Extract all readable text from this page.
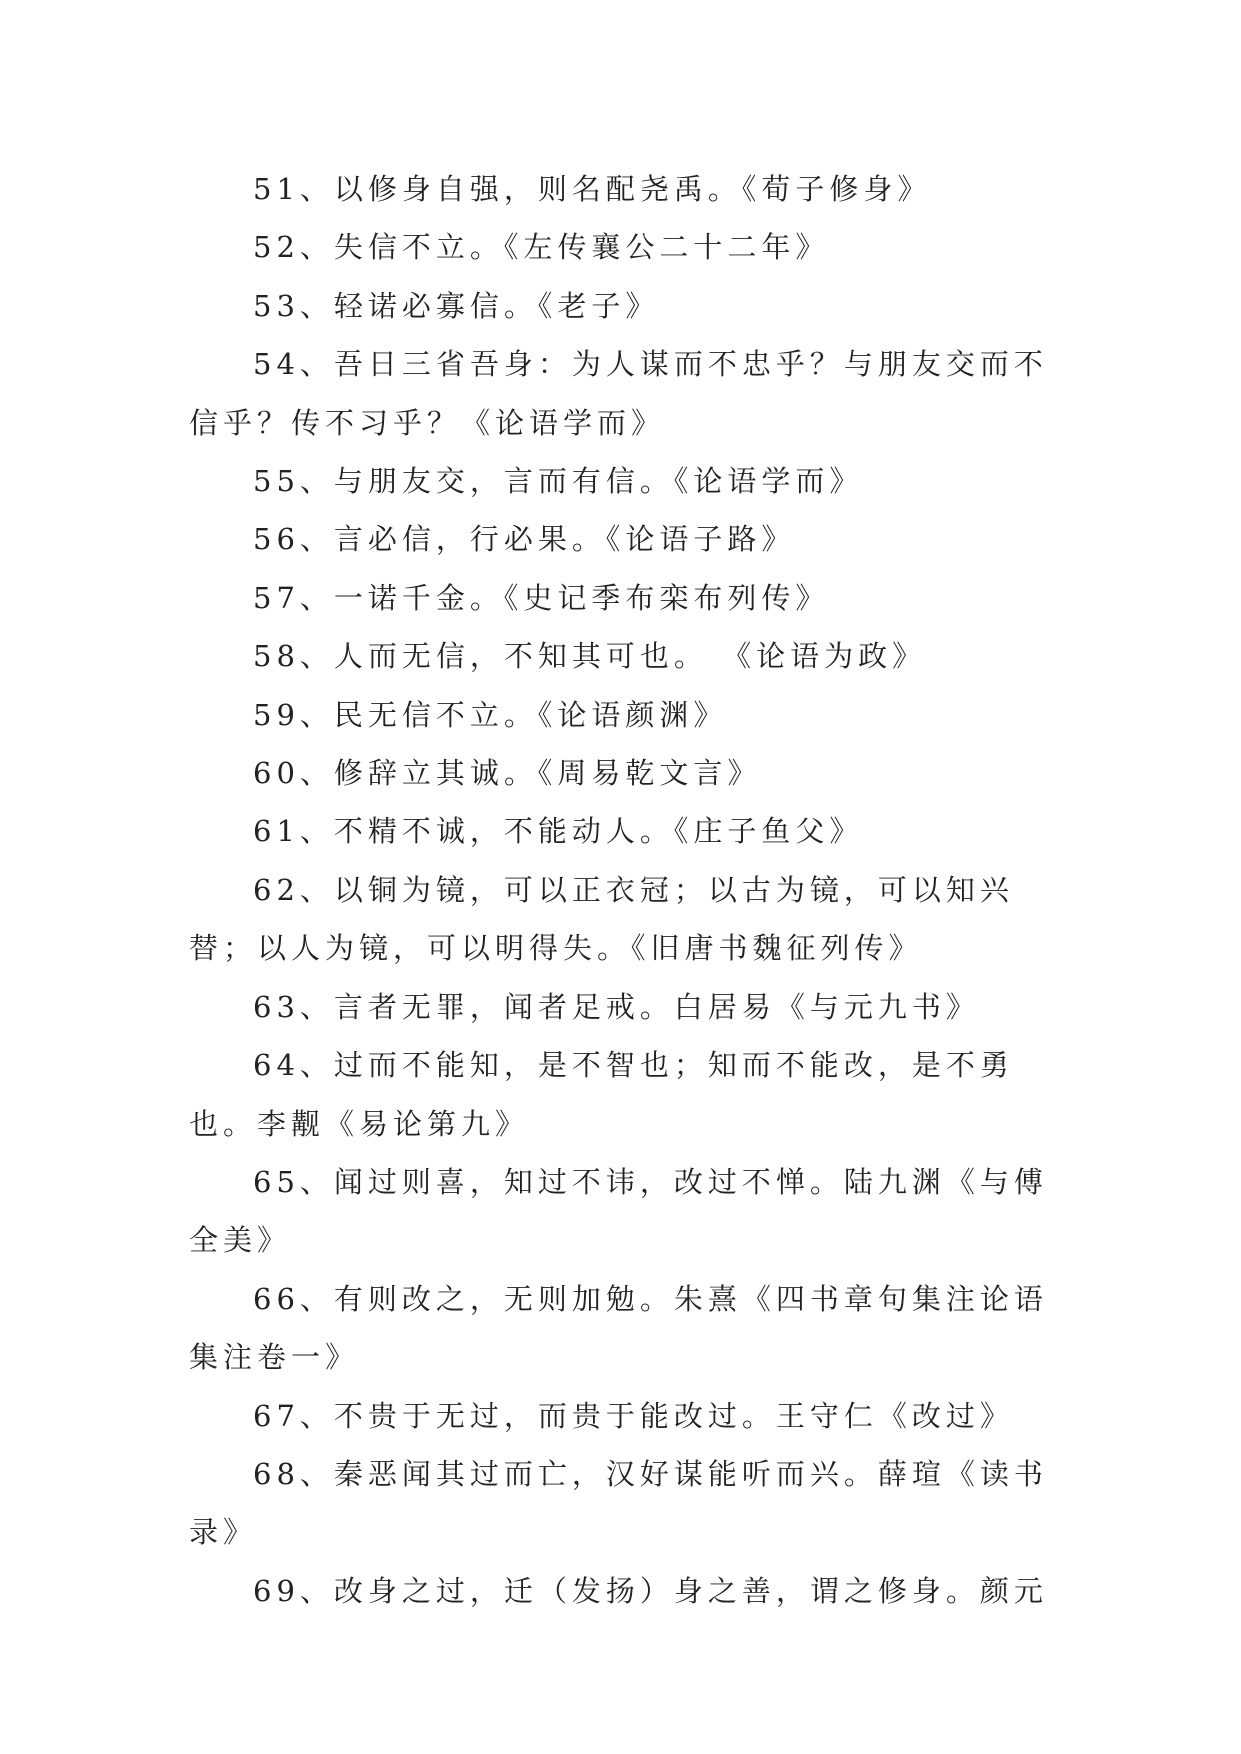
51、以修身自强，则名配尧禹。《荀子修身》

52、失信不立。《左传襄公二十二年》

53、轻诺必寡信。《老子》

54、吾日三省吾身：为人谋而不忠乎？与朋友交而不信乎？传不习乎？《论语学而》

55、与朋友交，言而有信。《论语学而》

56、言必信，行必果。《论语子路》

57、一诺千金。《史记季布栾布列传》

58、人而无信，不知其可也。 《论语为政》

59、民无信不立。《论语颜渊》

60、修辞立其诚。《周易乾文言》

61、不精不诚，不能动人。《庄子鱼父》

62、以铜为镜，可以正衣冠；以古为镜，可以知兴替；以人为镜，可以明得失。《旧唐书魏征列传》

63、言者无罪，闻者足戒。白居易《与元九书》

64、过而不能知，是不智也；知而不能改，是不勇也。李觏《易论第九》

65、闻过则喜，知过不讳，改过不惮。陆九渊《与傅全美》

66、有则改之，无则加勉。朱熹《四书章句集注论语集注卷一》

67、不贵于无过，而贵于能改过。王守仁《改过》

68、秦恶闻其过而亡，汉好谋能听而兴。薛瑄《读书录》

69、改身之过，迁（发扬）身之善，谓之修身。颜元
